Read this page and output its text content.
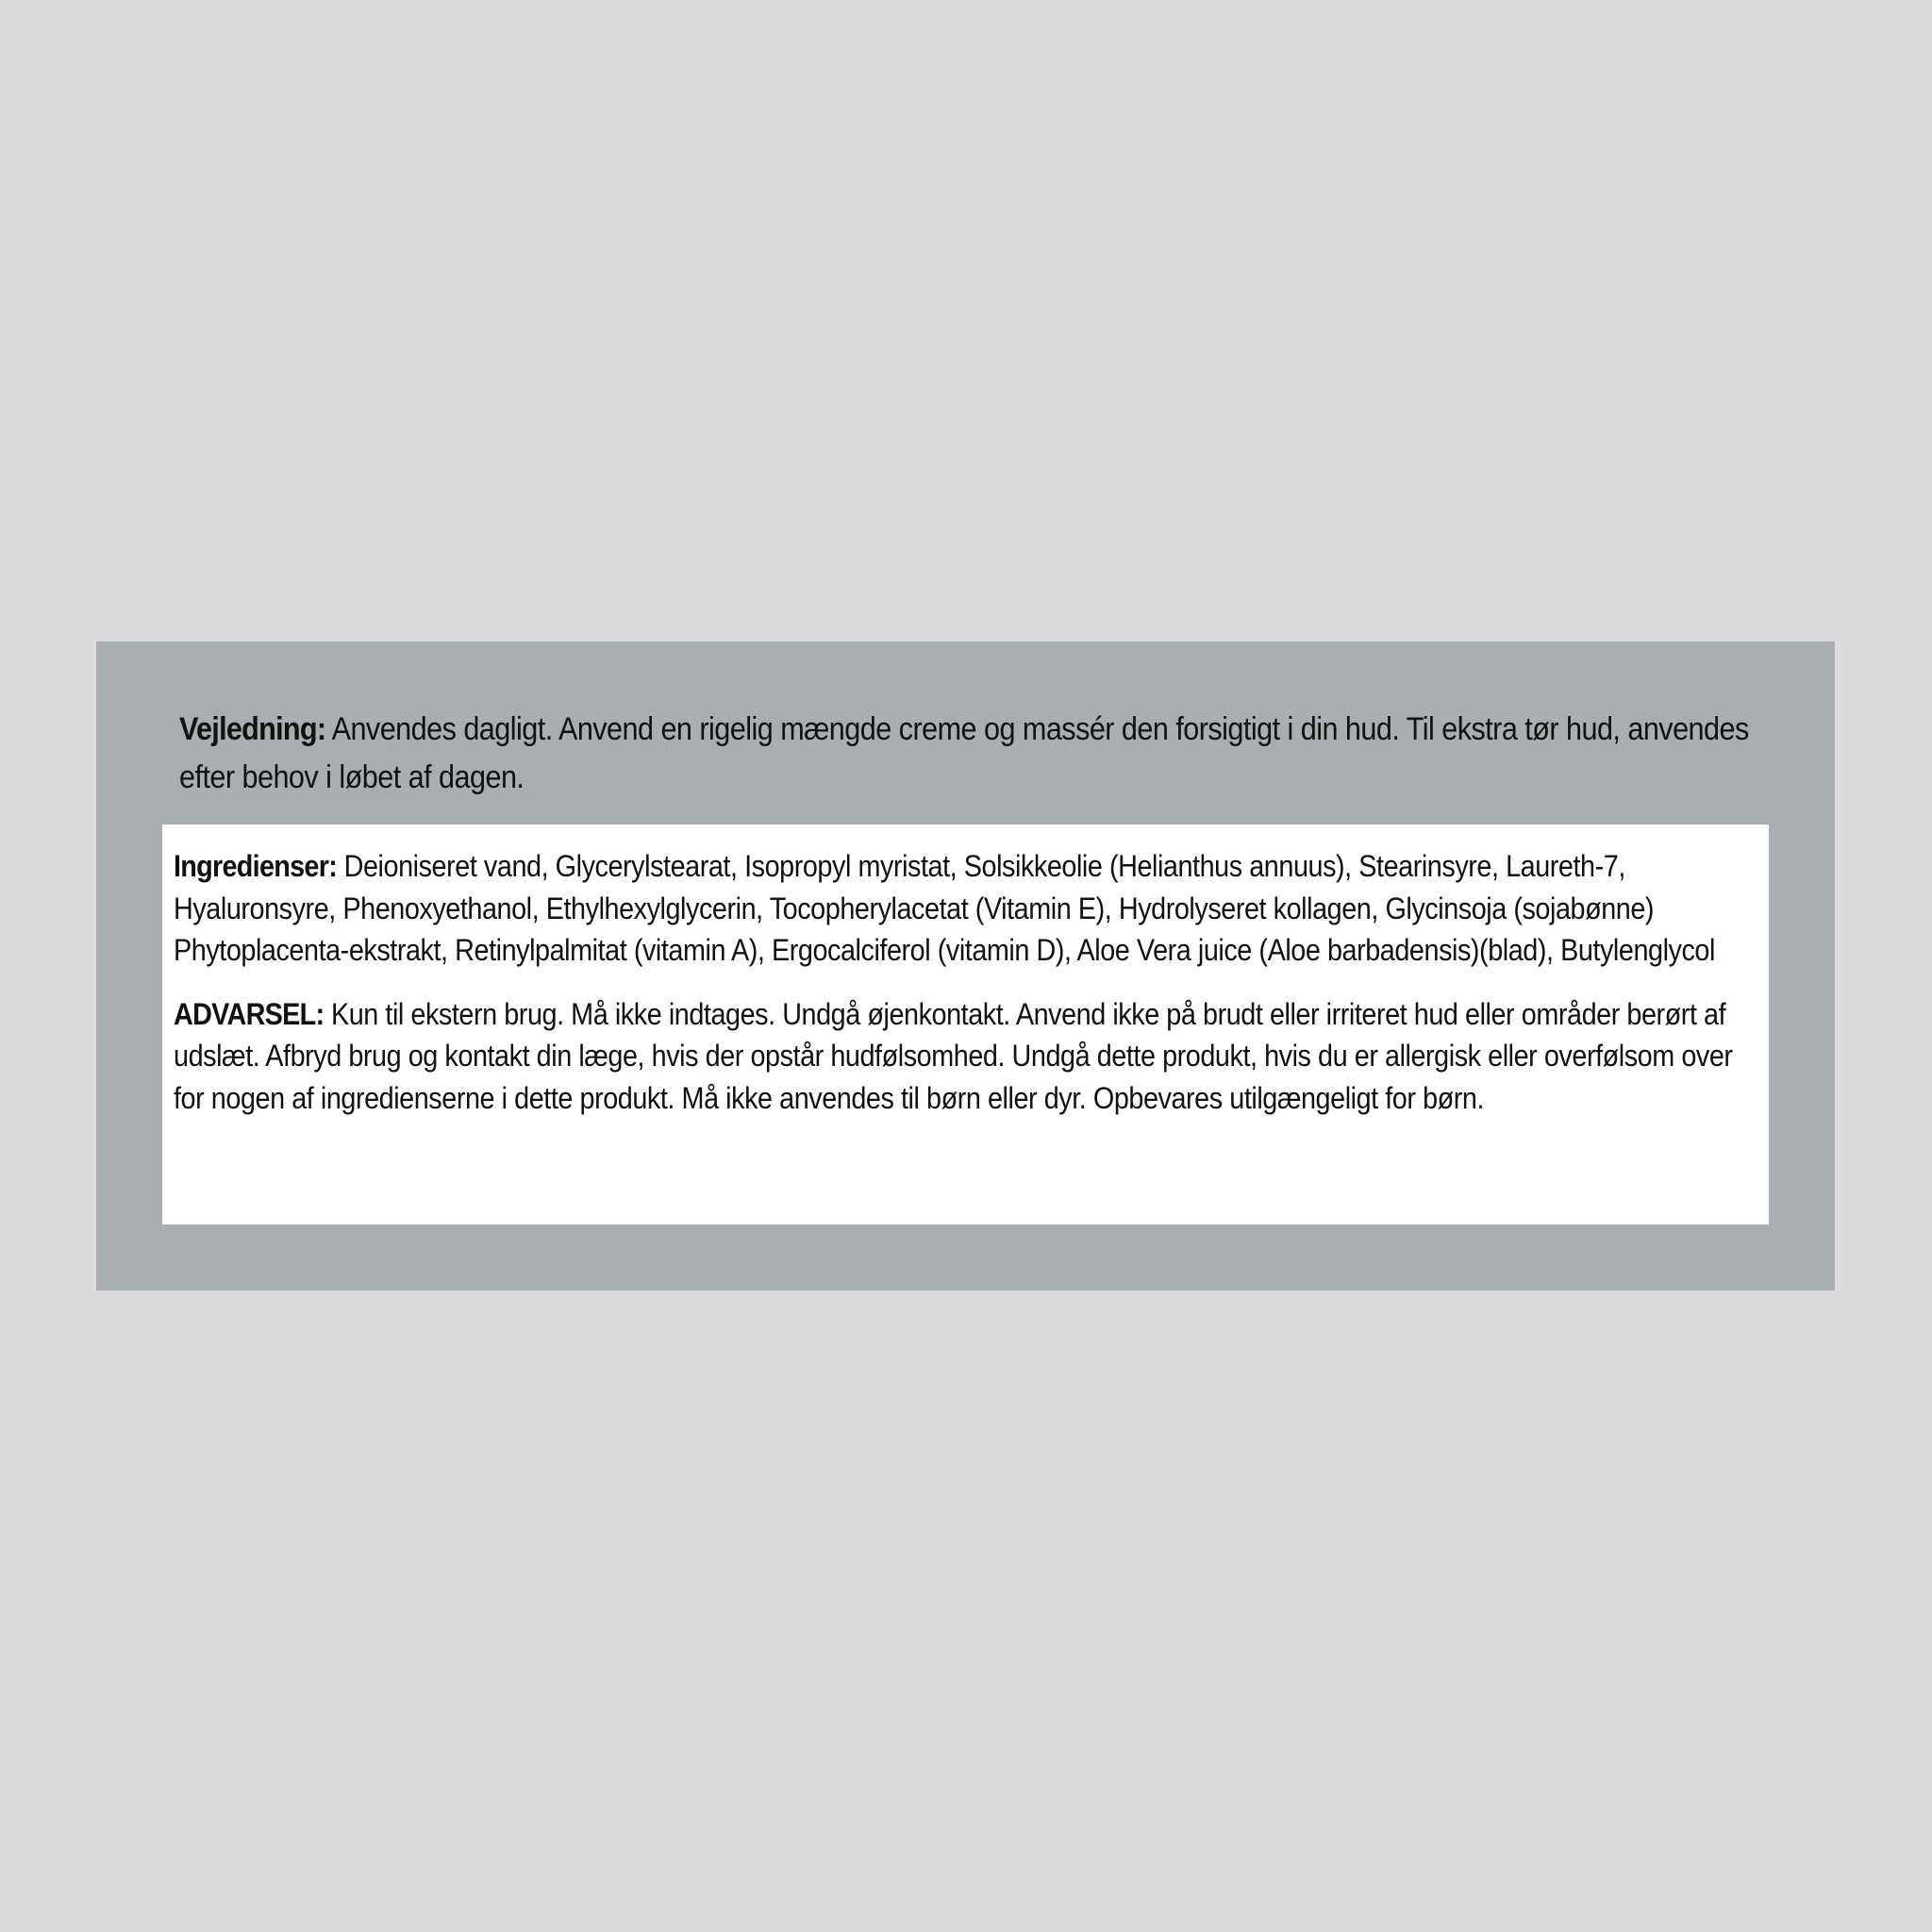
Vejledning: Anvendes dagligt. Anvend en rigelig mængde creme og massér den forsigtigt i din hud. Til ekstra tør hud, anvendes efter behov i løbet af dagen.

Ingredienser: Deioniseret vand, Glycerylstearat, Isopropyl myristat, Solsikkeolie (Helianthus annuus), Stearinsyre, Laureth-7, Hyaluronsyre, Phenoxyethanol, Ethylhexylglycerin, Tocopherylacetat (Vitamin E), Hydrolyseret kollagen, Glycinsoja (sojabønne) Phytoplacenta-ekstrakt, Retinylpalmitat (vitamin A), Ergocalciferol (vitamin D), Aloe Vera juice (Aloe barbadensis)(blad), Butylenglycol

ADVARSEL: Kun til ekstern brug. Må ikke indtages. Undgå øjenkontakt. Anvend ikke på brudt eller irriteret hud eller områder berørt af udslæt. Afbryd brug og kontakt din læge, hvis der opstår hudfølsomhed. Undgå dette produkt, hvis du er allergisk eller overfølsom over for nogen af ingredienserne i dette produkt. Må ikke anvendes til børn eller dyr. Opbevares utilgængeligt for børn.
